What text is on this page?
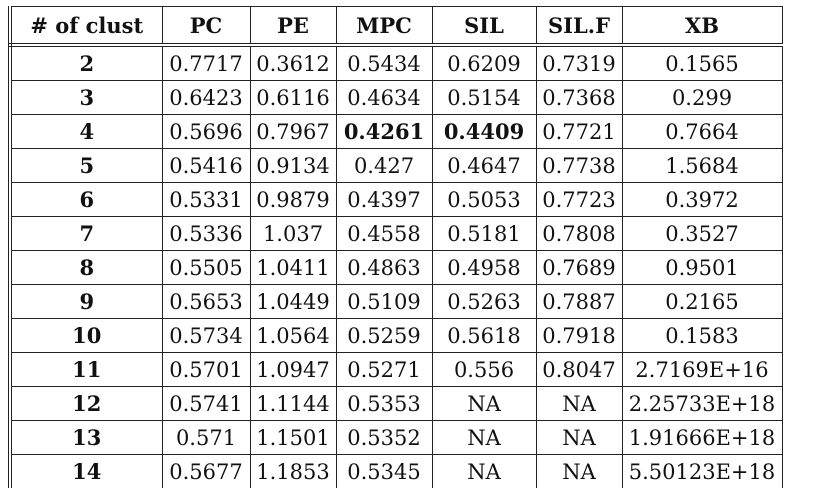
# of clust	PC	PE	MPC	SIL	SIL.F	XB
2	0.7717	0.3612	0.5434	0.6209	0.7319	0.1565
3	0.6423	0.6116	0.4634	0.5154	0.7368	0.299
4	0.5696	0.7967	0.4261	0.4409	0.7721	0.7664
5	0.5416	0.9134	0.427	0.4647	0.7738	1.5684
6	0.5331	0.9879	0.4397	0.5053	0.7723	0.3972
7	0.5336	1.037	0.4558	0.5181	0.7808	0.3527
8	0.5505	1.0411	0.4863	0.4958	0.7689	0.9501
9	0.5653	1.0449	0.5109	0.5263	0.7887	0.2165
10	0.5734	1.0564	0.5259	0.5618	0.7918	0.1583
11	0.5701	1.0947	0.5271	0.556	0.8047	2.7169E+16
12	0.5741	1.1144	0.5353	NA	NA	2.25733E+18
13	0.571	1.1501	0.5352	NA	NA	1.91666E+18
14	0.5677	1.1853	0.5345	NA	NA	5.50123E+18
